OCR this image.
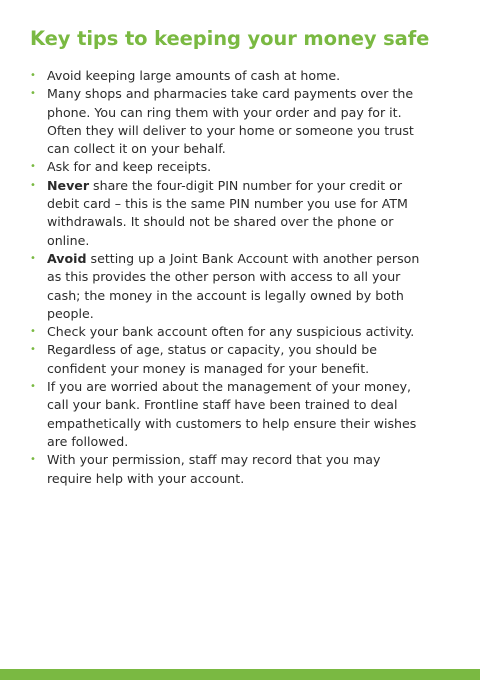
Key tips to keeping your money safe
• Avoid keeping large amounts of cash at home.
• Many shops and pharmacies take card payments over the phone. You can ring them with your order and pay for it. Often they will deliver to your home or someone you trust can collect it on your behalf.
• Ask for and keep receipts.
• Never share the four-digit PIN number for your credit or debit card – this is the same PIN number you use for ATM withdrawals. It should not be shared over the phone or online.
• Avoid setting up a Joint Bank Account with another person as this provides the other person with access to all your cash; the money in the account is legally owned by both people.
• Check your bank account often for any suspicious activity.
• Regardless of age, status or capacity, you should be confident your money is managed for your benefit.
• If you are worried about the management of your money, call your bank. Frontline staff have been trained to deal empathetically with customers to help ensure their wishes are followed.
• With your permission, staff may record that you may require help with your account.
